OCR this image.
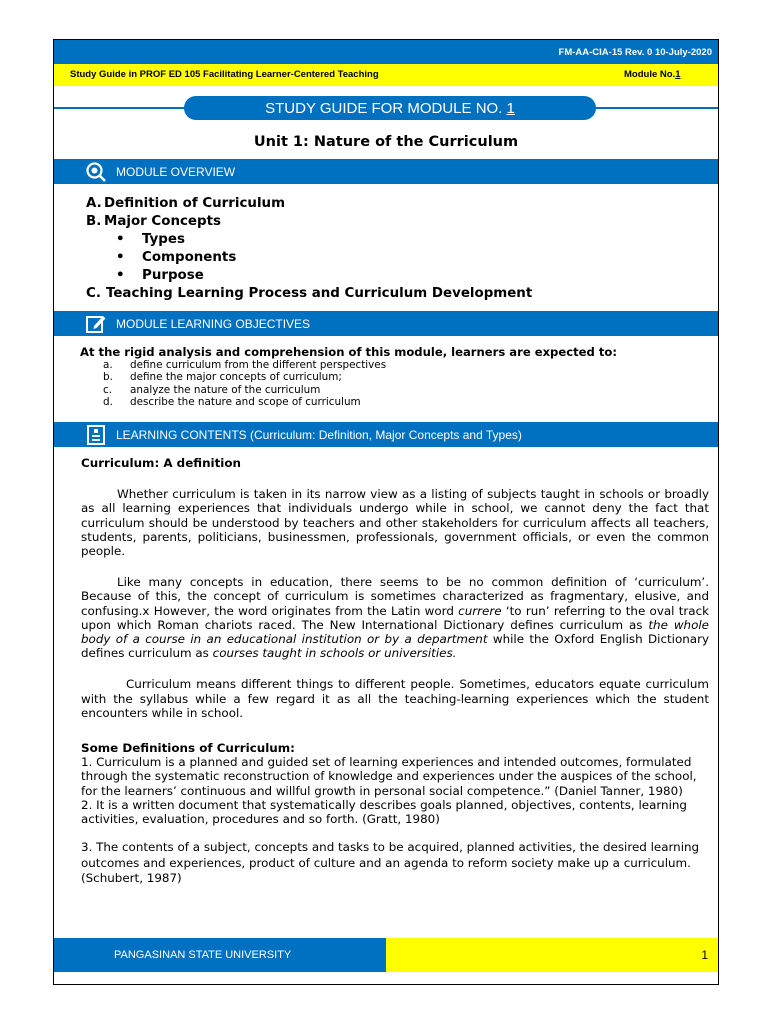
FM-AA-CIA-15 Rev. 0 10-July-2020
Study Guide in PROF ED 105 Facilitating Learner-Centered Teaching	Module No.1
STUDY GUIDE FOR MODULE NO. 1
Unit 1: Nature of the Curriculum
MODULE OVERVIEW
A. Definition of Curriculum
B. Major Concepts
• Types
• Components
• Purpose
C. Teaching Learning Process and Curriculum Development
MODULE LEARNING OBJECTIVES
At the rigid analysis and comprehension of this module, learners are expected to:
a. define curriculum from the different perspectives
b. define the major concepts of curriculum;
c. analyze the nature of the curriculum
d. describe the nature and scope of curriculum
LEARNING CONTENTS (Curriculum: Definition, Major Concepts and Types)

Curriculum: A definition

Whether curriculum is taken in its narrow view as a listing of subjects taught in schools or broadly as all learning experiences that individuals undergo while in school, we cannot deny the fact that curriculum should be understood by teachers and other stakeholders for curriculum affects all teachers, students, parents, politicians, businessmen, professionals, government officials, or even the common people.

Like many concepts in education, there seems to be no common definition of ‘curriculum’. Because of this, the concept of curriculum is sometimes characterized as fragmentary, elusive, and confusing.x However, the word originates from the Latin word currere ‘to run’ referring to the oval track upon which Roman chariots raced. The New International Dictionary defines curriculum as the whole body of a course in an educational institution or by a department while the Oxford English Dictionary defines curriculum as courses taught in schools or universities.

Curriculum means different things to different people. Sometimes, educators equate curriculum with the syllabus while a few regard it as all the teaching-learning experiences which the student encounters while in school.

Some Definitions of Curriculum:

1. Curriculum is a planned and guided set of learning experiences and intended outcomes, formulated through the systematic reconstruction of knowledge and experiences under the auspices of the school, for the learners’ continuous and willful growth in personal social competence.” (Daniel Tanner, 1980)

2. It is a written document that systematically describes goals planned, objectives, contents, learning activities, evaluation, procedures and so forth. (Gratt, 1980)

3. The contents of a subject, concepts and tasks to be acquired, planned activities, the desired learning outcomes and experiences, product of culture and an agenda to reform society make up a curriculum. (Schubert, 1987)

PANGASINAN STATE UNIVERSITY	1
